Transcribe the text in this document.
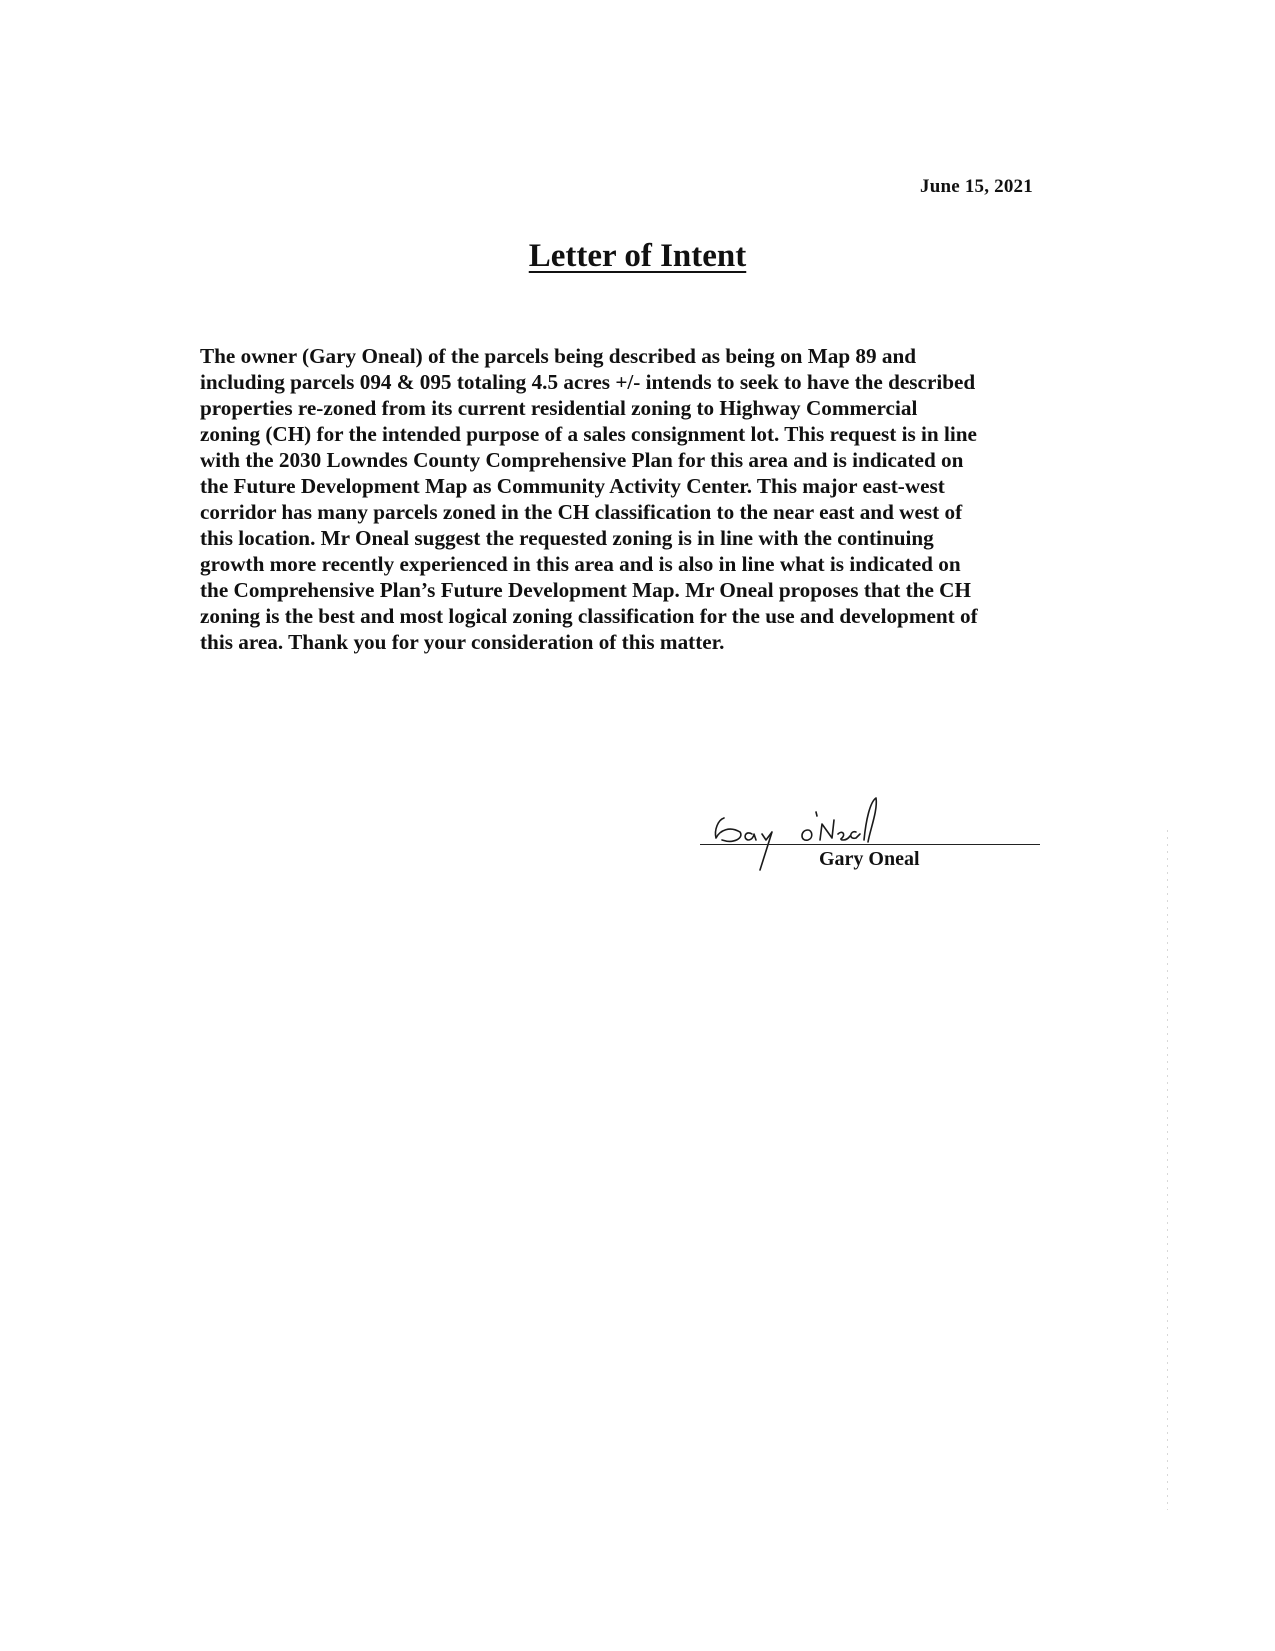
June 15, 2021
Letter of Intent
The owner (Gary Oneal) of the parcels being described as being on Map 89 and
including parcels 094 & 095 totaling 4.5 acres +/- intends to seek to have the described
properties re-zoned from its current residential zoning to Highway Commercial
zoning (CH) for the intended purpose of a sales consignment lot. This request is in line
with the 2030 Lowndes County Comprehensive Plan for this area and is indicated on
the Future Development Map as Community Activity Center. This major east-west
corridor has many parcels zoned in the CH classification to the near east and west of
this location. Mr Oneal suggest the requested zoning is in line with the continuing
growth more recently experienced in this area and is also in line what is indicated on
the Comprehensive Plan’s Future Development Map. Mr Oneal proposes that the CH
zoning is the best and most logical zoning classification for the use and development of
this area. Thank you for your consideration of this matter.
Gary Oneal
